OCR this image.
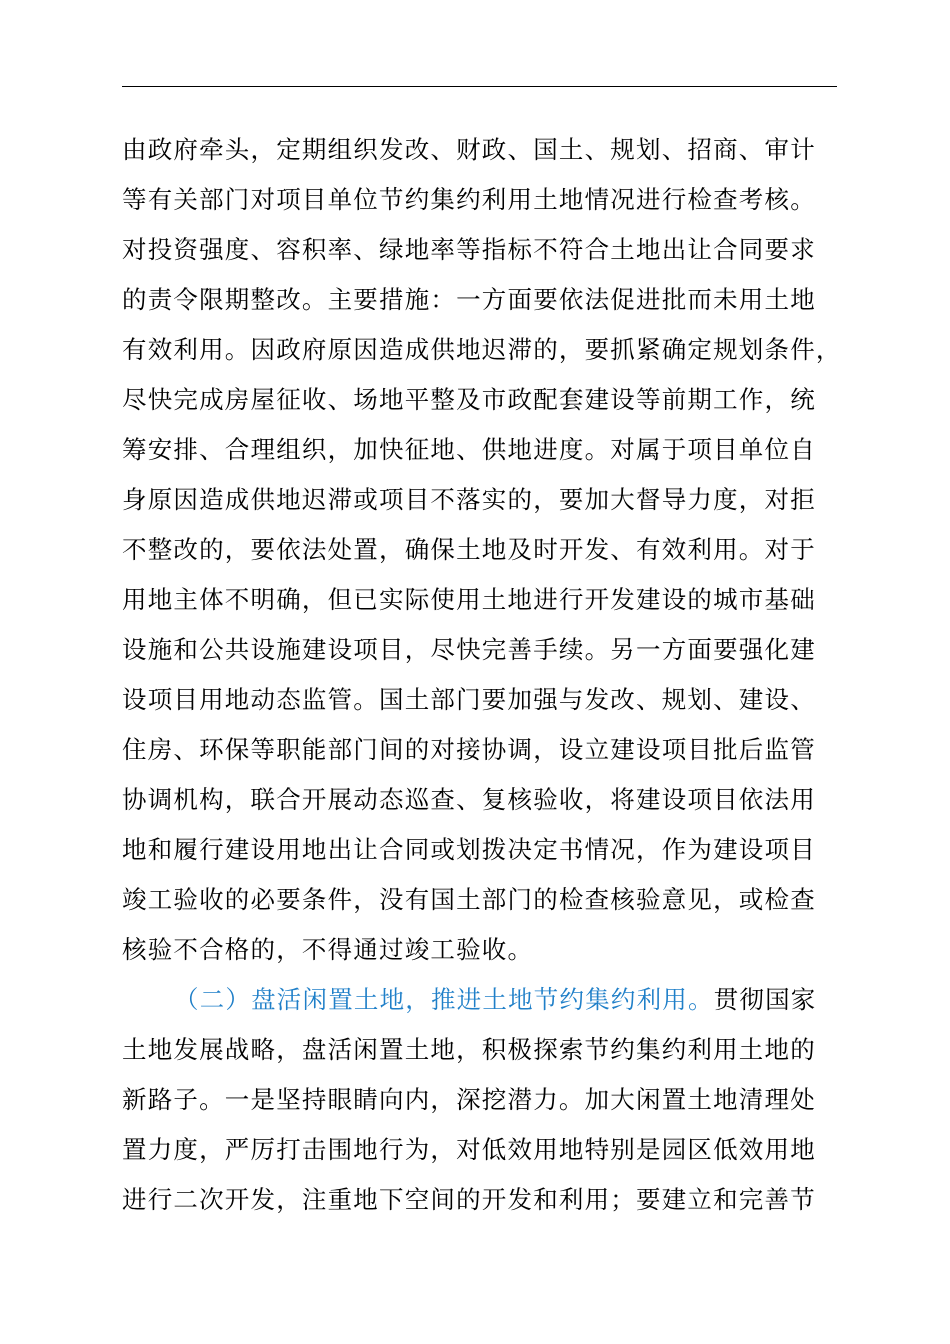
由政府牵头，定期组织发改、财政、国土、规划、招商、审计
等有关部门对项目单位节约集约利用土地情况进行检查考核。
对投资强度、容积率、绿地率等指标不符合土地出让合同要求
的责令限期整改。主要措施：一方面要依法促进批而未用土地
有效利用。因政府原因造成供地迟滞的，要抓紧确定规划条件，
尽快完成房屋征收、场地平整及市政配套建设等前期工作，统
筹安排、合理组织，加快征地、供地进度。对属于项目单位自
身原因造成供地迟滞或项目不落实的，要加大督导力度，对拒
不整改的，要依法处置，确保土地及时开发、有效利用。对于
用地主体不明确，但已实际使用土地进行开发建设的城市基础
设施和公共设施建设项目，尽快完善手续。另一方面要强化建
设项目用地动态监管。国土部门要加强与发改、规划、建设、
住房、环保等职能部门间的对接协调，设立建设项目批后监管
协调机构，联合开展动态巡查、复核验收，将建设项目依法用
地和履行建设用地出让合同或划拨决定书情况，作为建设项目
竣工验收的必要条件，没有国土部门的检查核验意见，或检查
核验不合格的，不得通过竣工验收。
（二）盘活闲置土地，推进土地节约集约利用。贯彻国家
土地发展战略，盘活闲置土地，积极探索节约集约利用土地的
新路子。一是坚持眼睛向内，深挖潜力。加大闲置土地清理处
置力度，严厉打击围地行为，对低效用地特别是园区低效用地
进行二次开发，注重地下空间的开发和利用；要建立和完善节
